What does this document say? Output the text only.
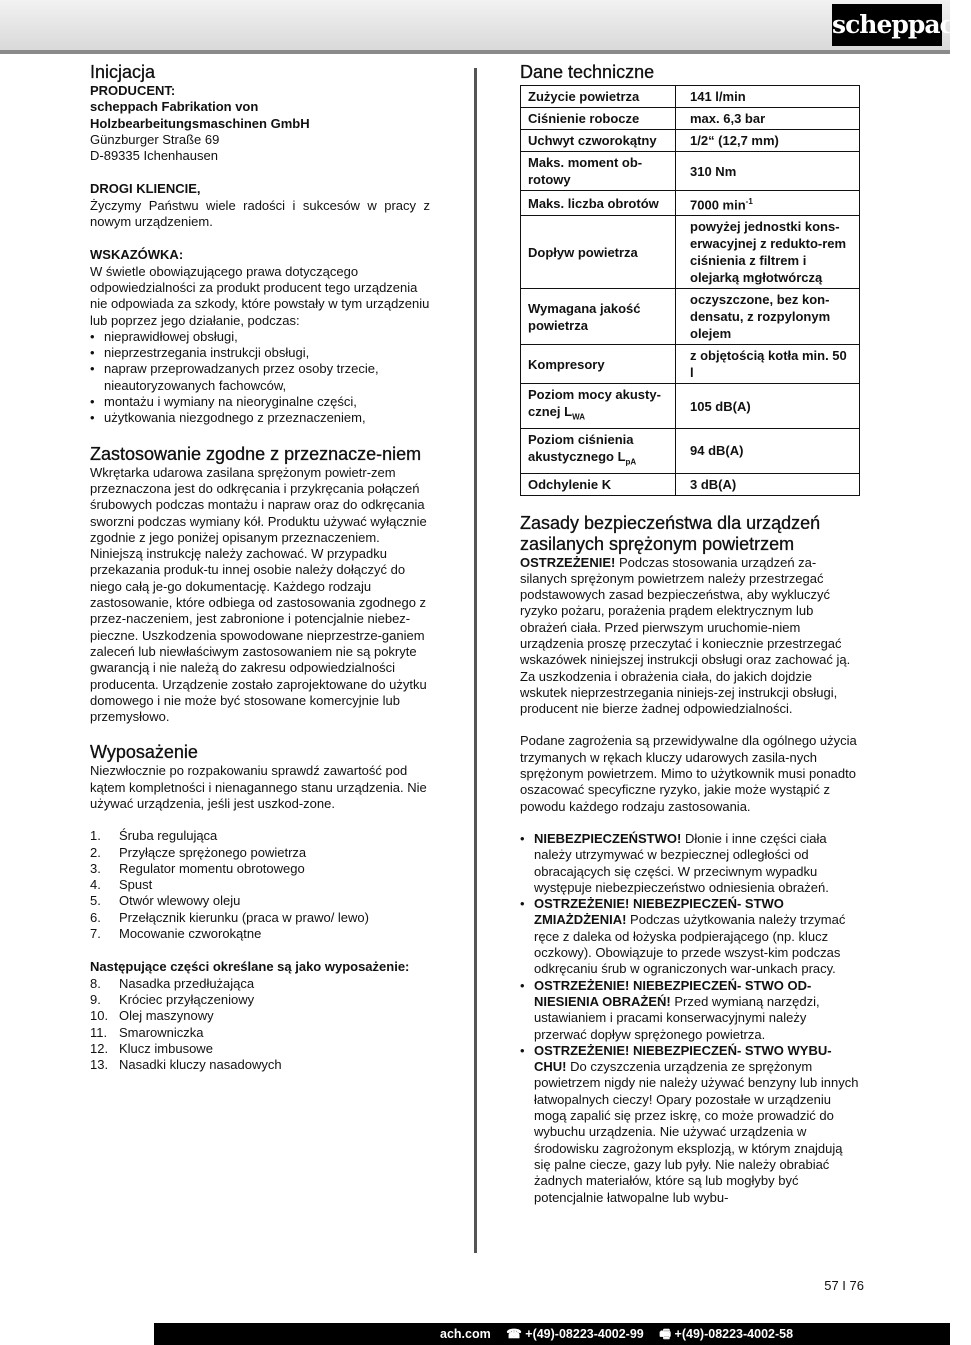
scheppach
Inicjacja

PRODUCENT:

scheppach Fabrikation von

Holzbearbeitungsmaschinen GmbH

Günzburger Straße 69

D-89335 Ichenhausen

DROGI KLIENCIE,

Życzymy Państwu wiele radości i sukcesów w pracy z nowym urządzeniem.

WSKAZÓWKA:

W świetle obowiązującego prawa dotyczącego odpowiedzialności za produkt producent tego urządzenia nie odpowiada za szkody, które powstały w tym urządzeniu lub poprzez jego działanie, podczas:

• nieprawidłowej obsługi,
• nieprzestrzegania instrukcji obsługi,
• napraw przeprowadzanych przez osoby trzecie, nieautoryzowanych fachowców,
• montażu i wymiany na nieoryginalne części,
• użytkowania niezgodnego z przeznaczeniem,
Zastosowanie zgodne z przeznacze-niem

Wkrętarka udarowa zasilana sprężonym powietr-zem przeznaczona jest do odkręcania i przykręcania połączeń śrubowych podczas montażu i napraw oraz do odkręcania sworzni podczas wymiany kół. Produktu używać wyłącznie zgodnie z jego poniżej opisanym przeznaczeniem. Niniejszą instrukcję należy zachować. W przypadku przekazania produk-tu innej osobie należy dołączyć do niego całą je-go dokumentację. Każdego rodzaju zastosowanie, które odbiega od zastosowania zgodnego z przez-naczeniem, jest zabronione i potencjalnie niebez-pieczne. Uszkodzenia spowodowane nieprzestrze-ganiem zaleceń lub niewłaściwym zastosowaniem nie są pokryte gwarancją i nie należą do zakresu odpowiedzialności producenta. Urządzenie zostało zaprojektowane do użytku domowego i nie może być stosowane komercyjnie lub przemysłowo.

Wyposażenie

Niezwłocznie po rozpakowaniu sprawdź zawartość pod kątem kompletności i nienagannego stanu urządzenia. Nie używać urządzenia, jeśli jest uszkod-zone.

1.	Śruba regulująca
2.	Przyłącze sprężonego powietrza
3.	Regulator momentu obrotowego
4.	Spust
5.	Otwór wlewowy oleju
6.	Przełącznik kierunku (praca w prawo/ lewo)
7.	Mocowanie czworokątne

Następujące części określane są jako wyposażenie:

8.	Nasadka przedłużająca
9.	Króciec przyłączeniowy
10. Olej maszynowy
11. Smarowniczka
12. Klucz imbusowe
13. Nasadki kluczy nasadowych
Dane techniczne
Zużycie powietrza	141 l/min
Ciśnienie robocze	max. 6,3 bar
Uchwyt czworokątny	1/2“ (12,7 mm)
Maks. moment ob-rotowy	310 Nm
Maks. liczba obrotów	7000 $\min^{-1}$
Dopływ powietrza	powyżej jednostki kons-erwacyjnej z redukto-rem ciśnienia z filtrem i olejarką mgłotwórczą
Wymagana jakość powietrza	oczyszczone, bez kon-densatu, z rozpylonym olejem
Kompresory	z objętością kotła min. 50 l
Poziom mocy akusty-cznej $L_{WA}$	105 dB(A)
Poziom ciśnienia akustycznego $L_{pA}$	94 dB(A)
Odchylenie K	3 dB(A)
Zasady bezpieczeństwa dla urządzeń zasilanych sprężonym powietrzem

OSTRZEŻENIE! Podczas stosowania urządzeń za-silanych sprężonym powietrzem należy przestrzegać podstawowych zasad bezpieczeństwa, aby wykluczyć ryzyko pożaru, porażenia prądem elektrycznym lub obrażeń ciała. Przed pierwszym uruchomie-niem urządzenia proszę przeczytać i koniecznie przestrzegać wskazówek niniejszej instrukcji obsługi oraz zachować ją. Za uszkodzenia i obrażenia ciała, do jakich dojdzie wskutek nieprzestrzegania niniejs-zej instrukcji obsługi, producent nie bierze żadnej odpowiedzialności.

Podane zagrożenia są przewidywalne dla ogólnego użycia trzymanych w rękach kluczy udarowych zasila-nych sprężonym powietrzem. Mimo to użytkownik musi ponadto oszacować specyficzne ryzyko, jakie może wystąpić z powodu każdego rodzaju zastosowania.

• NIEBEZPIECZEŃSTWO! Dłonie i inne części ciała należy utrzymywać w bezpiecznej odległości od obracających się części. W przeciwnym wypadku występuje niebezpieczeństwo odniesienia obrażeń.
• OSTRZEŻENIE! NIEBEZPIECZEŃ- STWO ZMIAŻDŻENIA! Podczas użytkowania należy trzymać ręce z daleka od łożyska podpierającego (np. klucz oczkowy). Obowiązuje to przede wszyst-kim podczas odkręcaniu śrub w ograniczonych war-unkach pracy.
• OSTRZEŻENIE! NIEBEZPIECZEŃ- STWO OD-NIESIENIA OBRAŻEŃ! Przed wymianą narzędzi, ustawianiem i pracami konserwacyjnymi należy przerwać dopływ sprężonego powietrza.
• OSTRZEŻENIE! NIEBEZPIECZEŃ- STWO WYBU-CHU! Do czyszczenia urządzenia ze sprężonym powietrzem nigdy nie należy używać benzyny lub innych łatwopalnych cieczy! Opary pozostałe w urządzeniu mogą zapalić się przez iskrę, co może prowadzić do wybuchu urządzenia. Nie używać urządzenia w środowisku zagrożonym eksplozją, w którym znajdują się palne ciecze, gazy lub pyły. Nie należy obrabiać żadnych materiałów, które są lub mogłyby być potencjalnie łatwopalne lub wybu-
57 I 76
ach.com ☎ +(49)-08223-4002-99 🖷 +(49)-08223-4002-58
